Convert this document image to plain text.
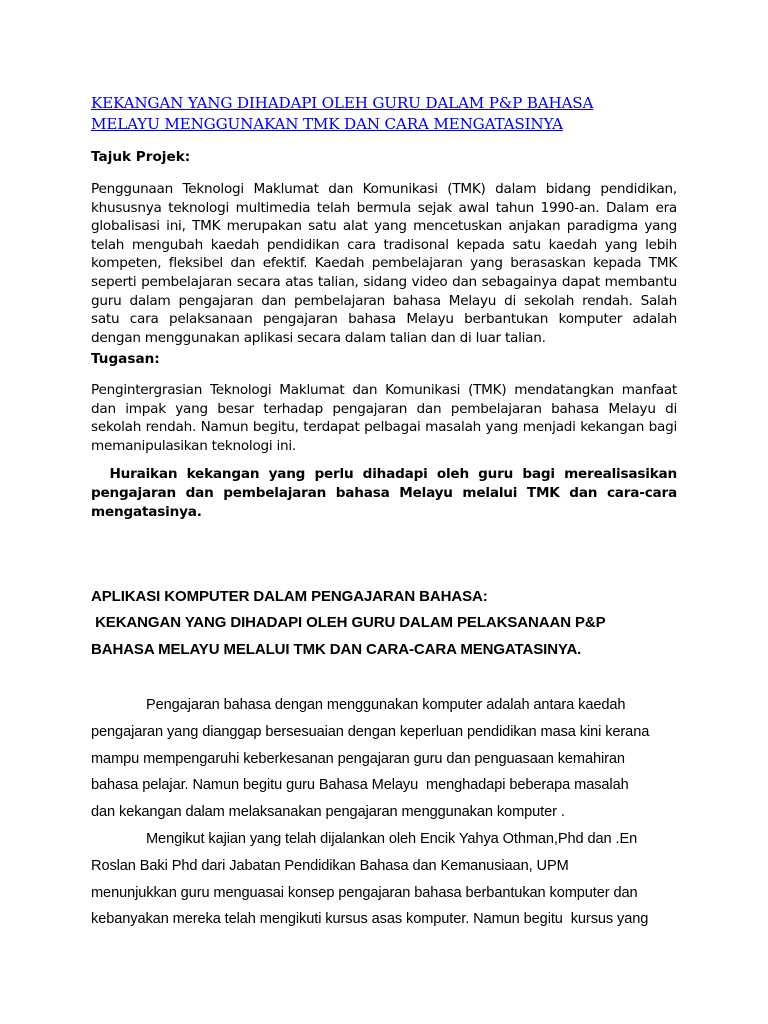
KEKANGAN YANG DIHADAPI OLEH GURU DALAM P&P BAHASA
MELAYU MENGGUNAKAN TMK DAN CARA MENGATASINYA
Tajuk Projek:
Penggunaan Teknologi Maklumat dan Komunikasi (TMK) dalam bidang pendidikan,
khususnya teknologi multimedia telah bermula sejak awal tahun 1990-an. Dalam era
globalisasi ini, TMK merupakan satu alat yang mencetuskan anjakan paradigma yang
telah mengubah kaedah pendidikan cara tradisonal kepada satu kaedah yang lebih
kompeten, fleksibel dan efektif. Kaedah pembelajaran yang berasaskan kepada TMK
seperti pembelajaran secara atas talian, sidang video dan sebagainya dapat membantu
guru dalam pengajaran dan pembelajaran bahasa Melayu di sekolah rendah. Salah
satu cara pelaksanaan pengajaran bahasa Melayu berbantukan komputer adalah
dengan menggunakan aplikasi secara dalam talian dan di luar talian.
Tugasan:
Pengintergrasian Teknologi Maklumat dan Komunikasi (TMK) mendatangkan manfaat
dan impak yang besar terhadap pengajaran dan pembelajaran bahasa Melayu di
sekolah rendah. Namun begitu, terdapat pelbagai masalah yang menjadi kekangan bagi
memanipulasikan teknologi ini.
Huraikan kekangan yang perlu dihadapi oleh guru bagi merealisasikan
pengajaran dan pembelajaran bahasa Melayu melalui TMK dan cara-cara
mengatasinya.
APLIKASI KOMPUTER DALAM PENGAJARAN BAHASA:
KEKANGAN YANG DIHADAPI OLEH GURU DALAM PELAKSANAAN P&P
BAHASA MELAYU MELALUI TMK DAN CARA-CARA MENGATASINYA.
Pengajaran bahasa dengan menggunakan komputer adalah antara kaedah
pengajaran yang dianggap bersesuaian dengan keperluan pendidikan masa kini kerana
mampu mempengaruhi keberkesanan pengajaran guru dan penguasaan kemahiran
bahasa pelajar. Namun begitu guru Bahasa Melayu  menghadapi beberapa masalah
dan kekangan dalam melaksanakan pengajaran menggunakan komputer .
Mengikut kajian yang telah dijalankan oleh Encik Yahya Othman,Phd dan .En
Roslan Baki Phd dari Jabatan Pendidikan Bahasa dan Kemanusiaan, UPM
menunjukkan guru menguasai konsep pengajaran bahasa berbantukan komputer dan
kebanyakan mereka telah mengikuti kursus asas komputer. Namun begitu  kursus yang
